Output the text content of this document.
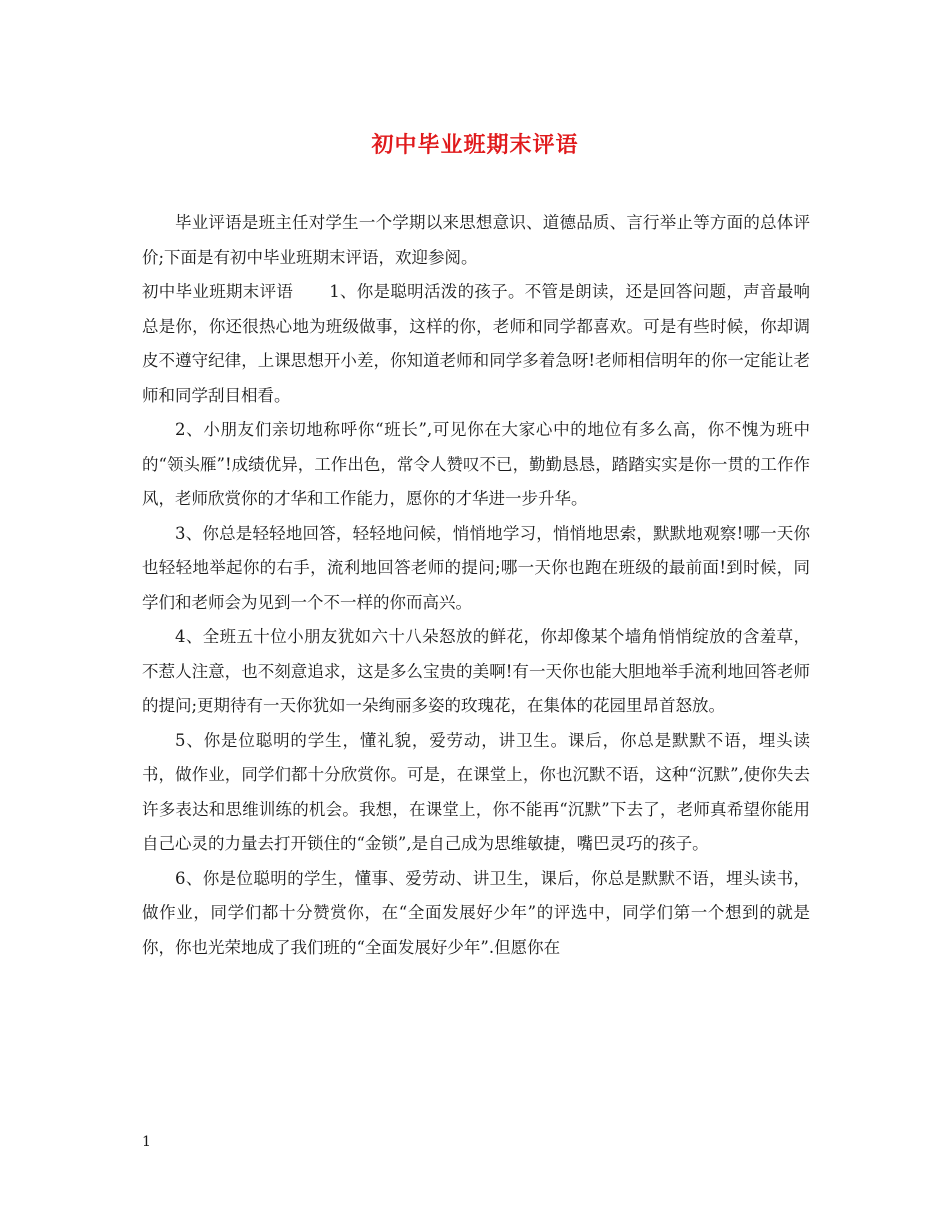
初中毕业班期末评语

毕业评语是班主任对学生一个学期以来思想意识、道德品质、言行举止等方面的总体评价;下面是有初中毕业班期末评语，欢迎参阅。

初中毕业班期末评语 1、你是聪明活泼的孩子。不管是朗读，还是回答问题，声音最响总是你，你还很热心地为班级做事，这样的你，老师和同学都喜欢。可是有些时候，你却调皮不遵守纪律，上课思想开小差，你知道老师和同学多着急呀!老师相信明年的你一定能让老师和同学刮目相看。

2、小朋友们亲切地称呼你“班长”,可见你在大家心中的地位有多么高，你不愧为班中的“领头雁”!成绩优异，工作出色，常令人赞叹不已，勤勤恳恳，踏踏实实是你一贯的工作作风，老师欣赏你的才华和工作能力，愿你的才华进一步升华。

3、你总是轻轻地回答，轻轻地问候，悄悄地学习，悄悄地思索，默默地观察!哪一天你也轻轻地举起你的右手，流利地回答老师的提问;哪一天你也跑在班级的最前面!到时候，同学们和老师会为见到一个不一样的你而高兴。

4、全班五十位小朋友犹如六十八朵怒放的鲜花，你却像某个墙角悄悄绽放的含羞草，不惹人注意，也不刻意追求，这是多么宝贵的美啊!有一天你也能大胆地举手流利地回答老师的提问;更期待有一天你犹如一朵绚丽多姿的玫瑰花，在集体的花园里昂首怒放。

5、你是位聪明的学生，懂礼貌，爱劳动，讲卫生。课后，你总是默默不语，埋头读书，做作业，同学们都十分欣赏你。可是，在课堂上，你也沉默不语，这种“沉默”,使你失去许多表达和思维训练的机会。我想，在课堂上，你不能再“沉默”下去了，老师真希望你能用自己心灵的力量去打开锁住的“金锁”,是自己成为思维敏捷，嘴巴灵巧的孩子。

6、你是位聪明的学生，懂事、爱劳动、讲卫生，课后，你总是默默不语，埋头读书，做作业，同学们都十分赞赏你，在“全面发展好少年”的评选中，同学们第一个想到的就是你，你也光荣地成了我们班的“全面发展好少年”.但愿你在

1
